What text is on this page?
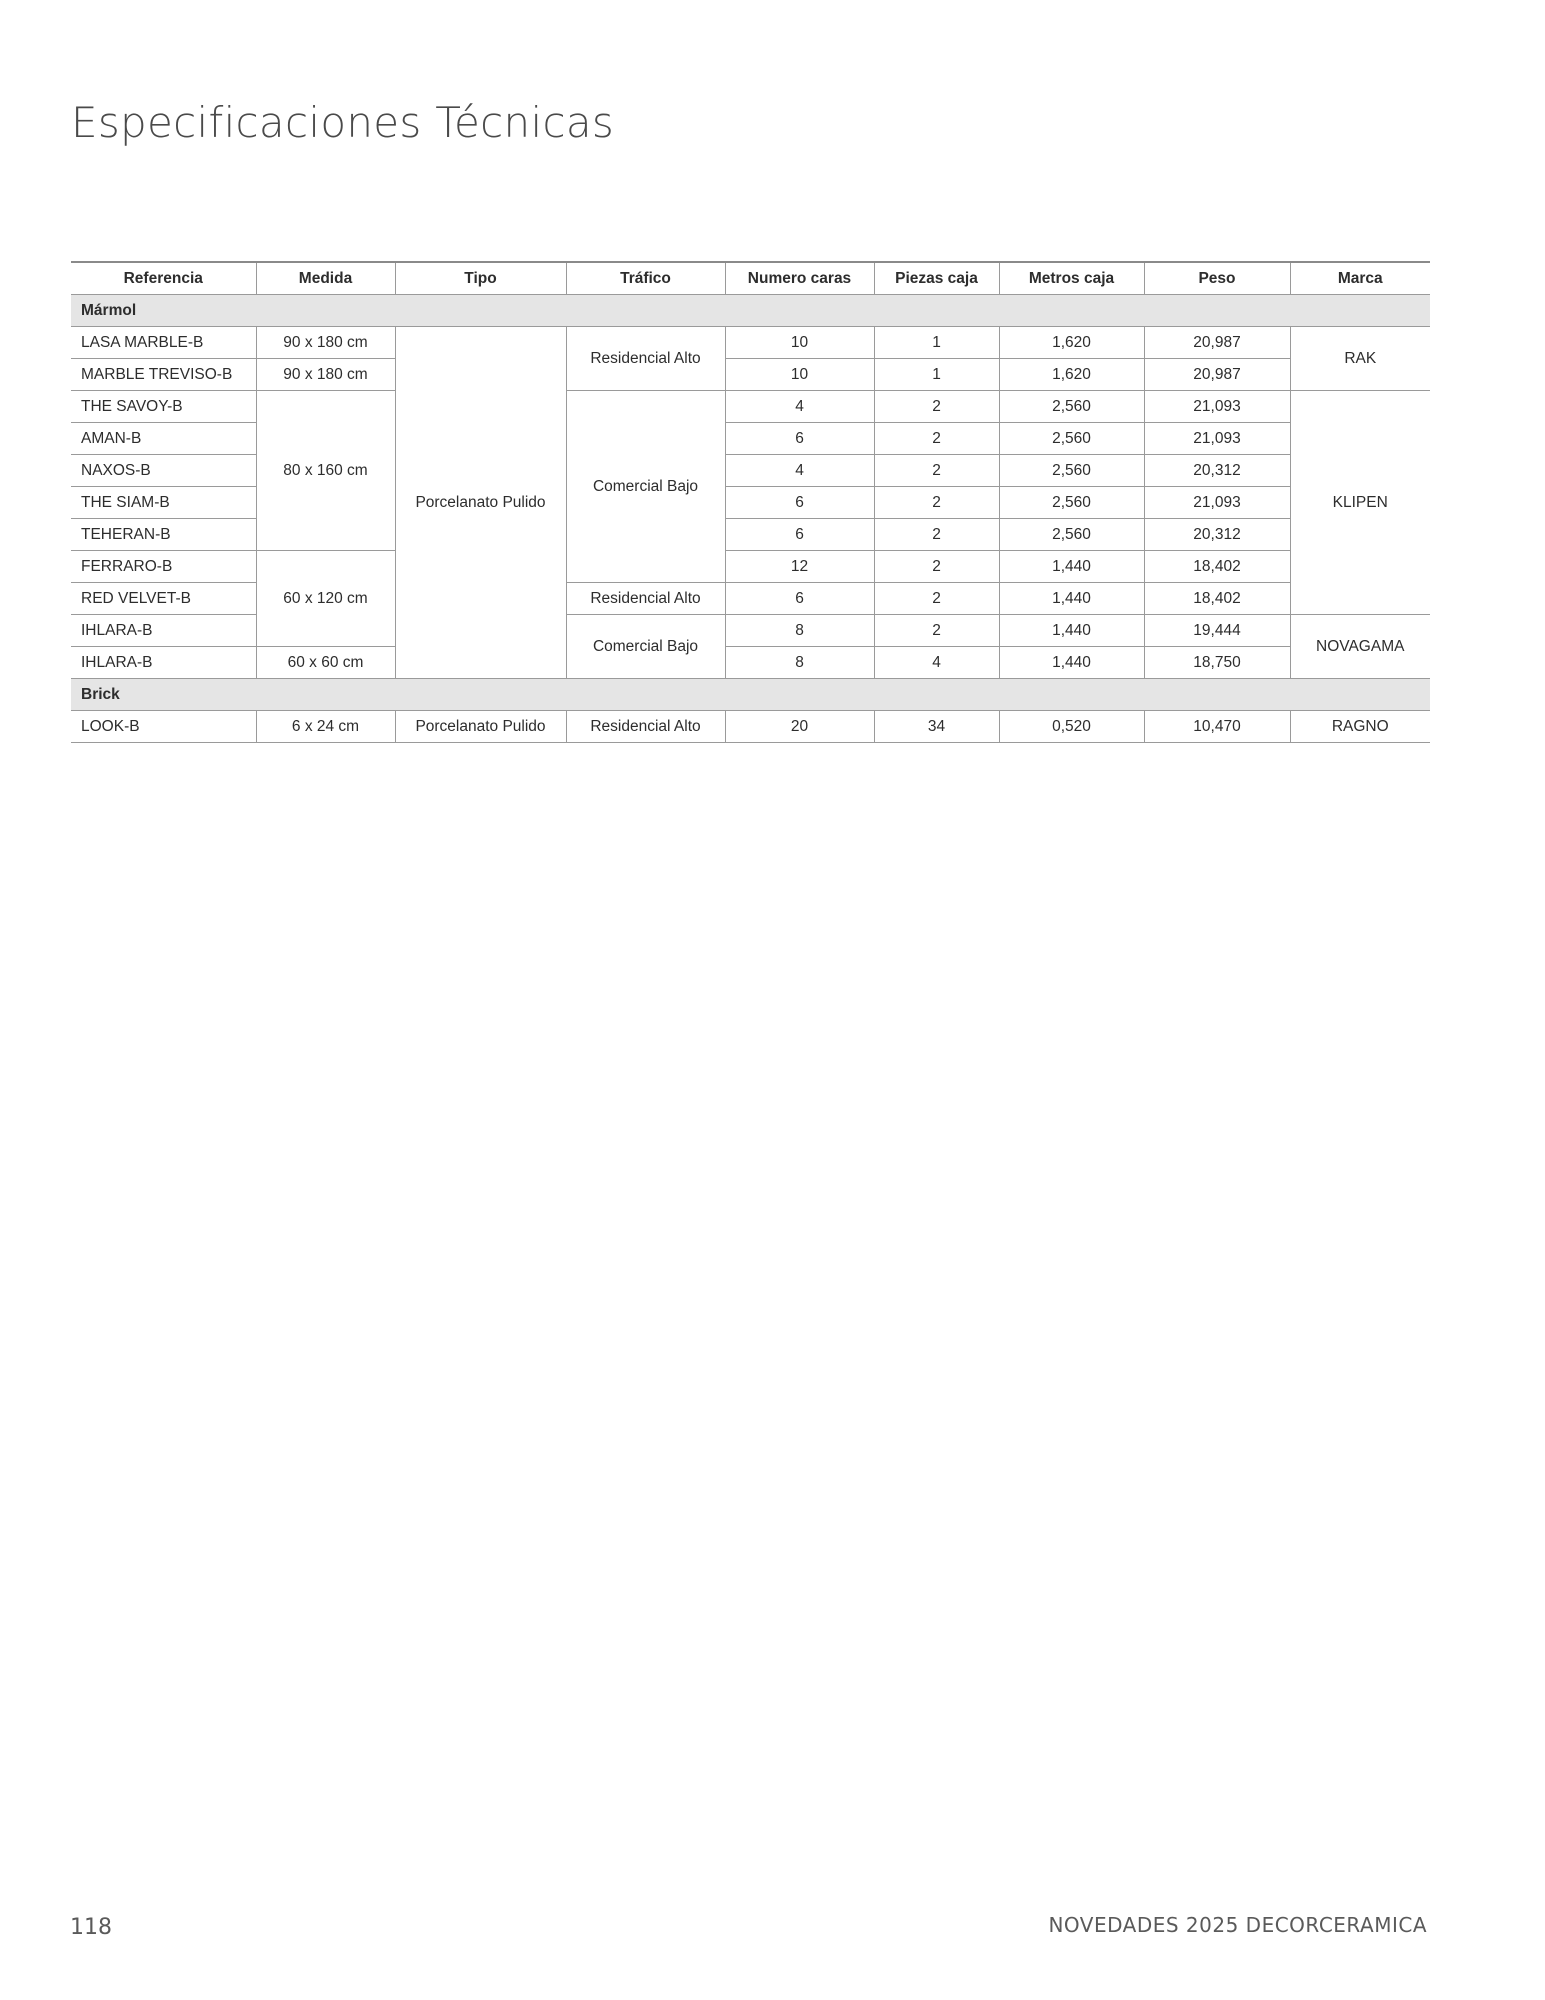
Especificaciones Técnicas
Referencia	Medida	Tipo	Tráfico	Numero caras	Piezas caja	Metros caja	Peso	Marca
Mármol								
LASA MARBLE-B	90 x 180 cm	Porcelanato Pulido	Residencial Alto	10	1	1,620	20,987	RAK
MARBLE TREVISO-B	90 x 180 cm			10	1	1,620	20,987	
THE SAVOY-B	80 x 160 cm		Comercial Bajo	4	2	2,560	21,093	KLIPEN
AMAN-B				6	2	2,560	21,093	
NAXOS-B				4	2	2,560	20,312	
THE SIAM-B				6	2	2,560	21,093	
TEHERAN-B				6	2	2,560	20,312	
FERRARO-B	60 x 120 cm			12	2	1,440	18,402	
RED VELVET-B			Residencial Alto	6	2	1,440	18,402	
IHLARA-B			Comercial Bajo	8	2	1,440	19,444	NOVAGAMA
IHLARA-B	60 x 60 cm			8	4	1,440	18,750	
Brick								
LOOK-B	6 x 24 cm	Porcelanato Pulido	Residencial Alto	20	34	0,520	10,470	RAGNO
118	NOVEDADES 2025 DECORCERAMICA
